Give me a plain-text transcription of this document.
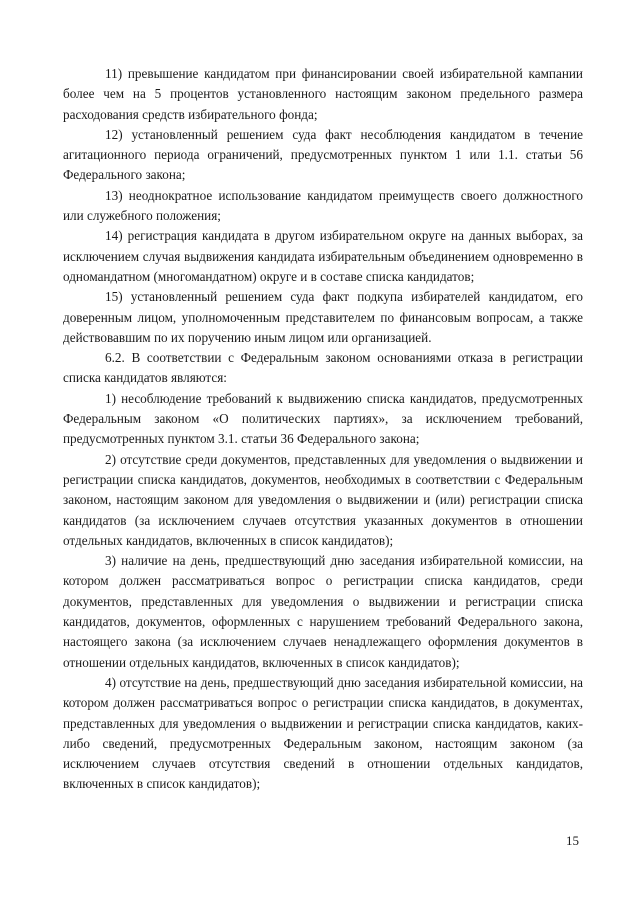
11) превышение кандидатом при финансировании своей избирательной кампании более чем на 5 процентов установленного настоящим законом предельного размера расходования средств избирательного фонда;

12) установленный решением суда факт несоблюдения кандидатом в течение агитационного периода ограничений, предусмотренных пунктом 1 или 1.1. статьи 56 Федерального закона;

13) неоднократное использование кандидатом преимуществ своего должностного или служебного положения;

14) регистрация кандидата в другом избирательном округе на данных выборах, за исключением случая выдвижения кандидата избирательным объединением одновременно в одномандатном (многомандатном) округе и в составе списка кандидатов;

15) установленный решением суда факт подкупа избирателей кандидатом, его доверенным лицом, уполномоченным представителем по финансовым вопросам, а также действовавшим по их поручению иным лицом или организацией.

6.2. В соответствии с Федеральным законом основаниями отказа в регистрации списка кандидатов являются:

1) несоблюдение требований к выдвижению списка кандидатов, предусмотренных Федеральным законом «О политических партиях», за исключением требований, предусмотренных пунктом 3.1. статьи 36 Федерального закона;

2) отсутствие среди документов, представленных для уведомления о выдвижении и регистрации списка кандидатов, документов, необходимых в соответствии с Федеральным законом, настоящим законом для уведомления о выдвижении и (или) регистрации списка кандидатов (за исключением случаев отсутствия указанных документов в отношении отдельных кандидатов, включенных в список кандидатов);

3) наличие на день, предшествующий дню заседания избирательной комиссии, на котором должен рассматриваться вопрос о регистрации списка кандидатов, среди документов, представленных для уведомления о выдвижении и регистрации списка кандидатов, документов, оформленных с нарушением требований Федерального закона, настоящего закона (за исключением случаев ненадлежащего оформления документов в отношении отдельных кандидатов, включенных в список кандидатов);

4) отсутствие на день, предшествующий дню заседания избирательной комиссии, на котором должен рассматриваться вопрос о регистрации списка кандидатов, в документах, представленных для уведомления о выдвижении и регистрации списка кандидатов, каких-либо сведений, предусмотренных Федеральным законом, настоящим законом (за исключением случаев отсутствия сведений в отношении отдельных кандидатов, включенных в список кандидатов);

15
